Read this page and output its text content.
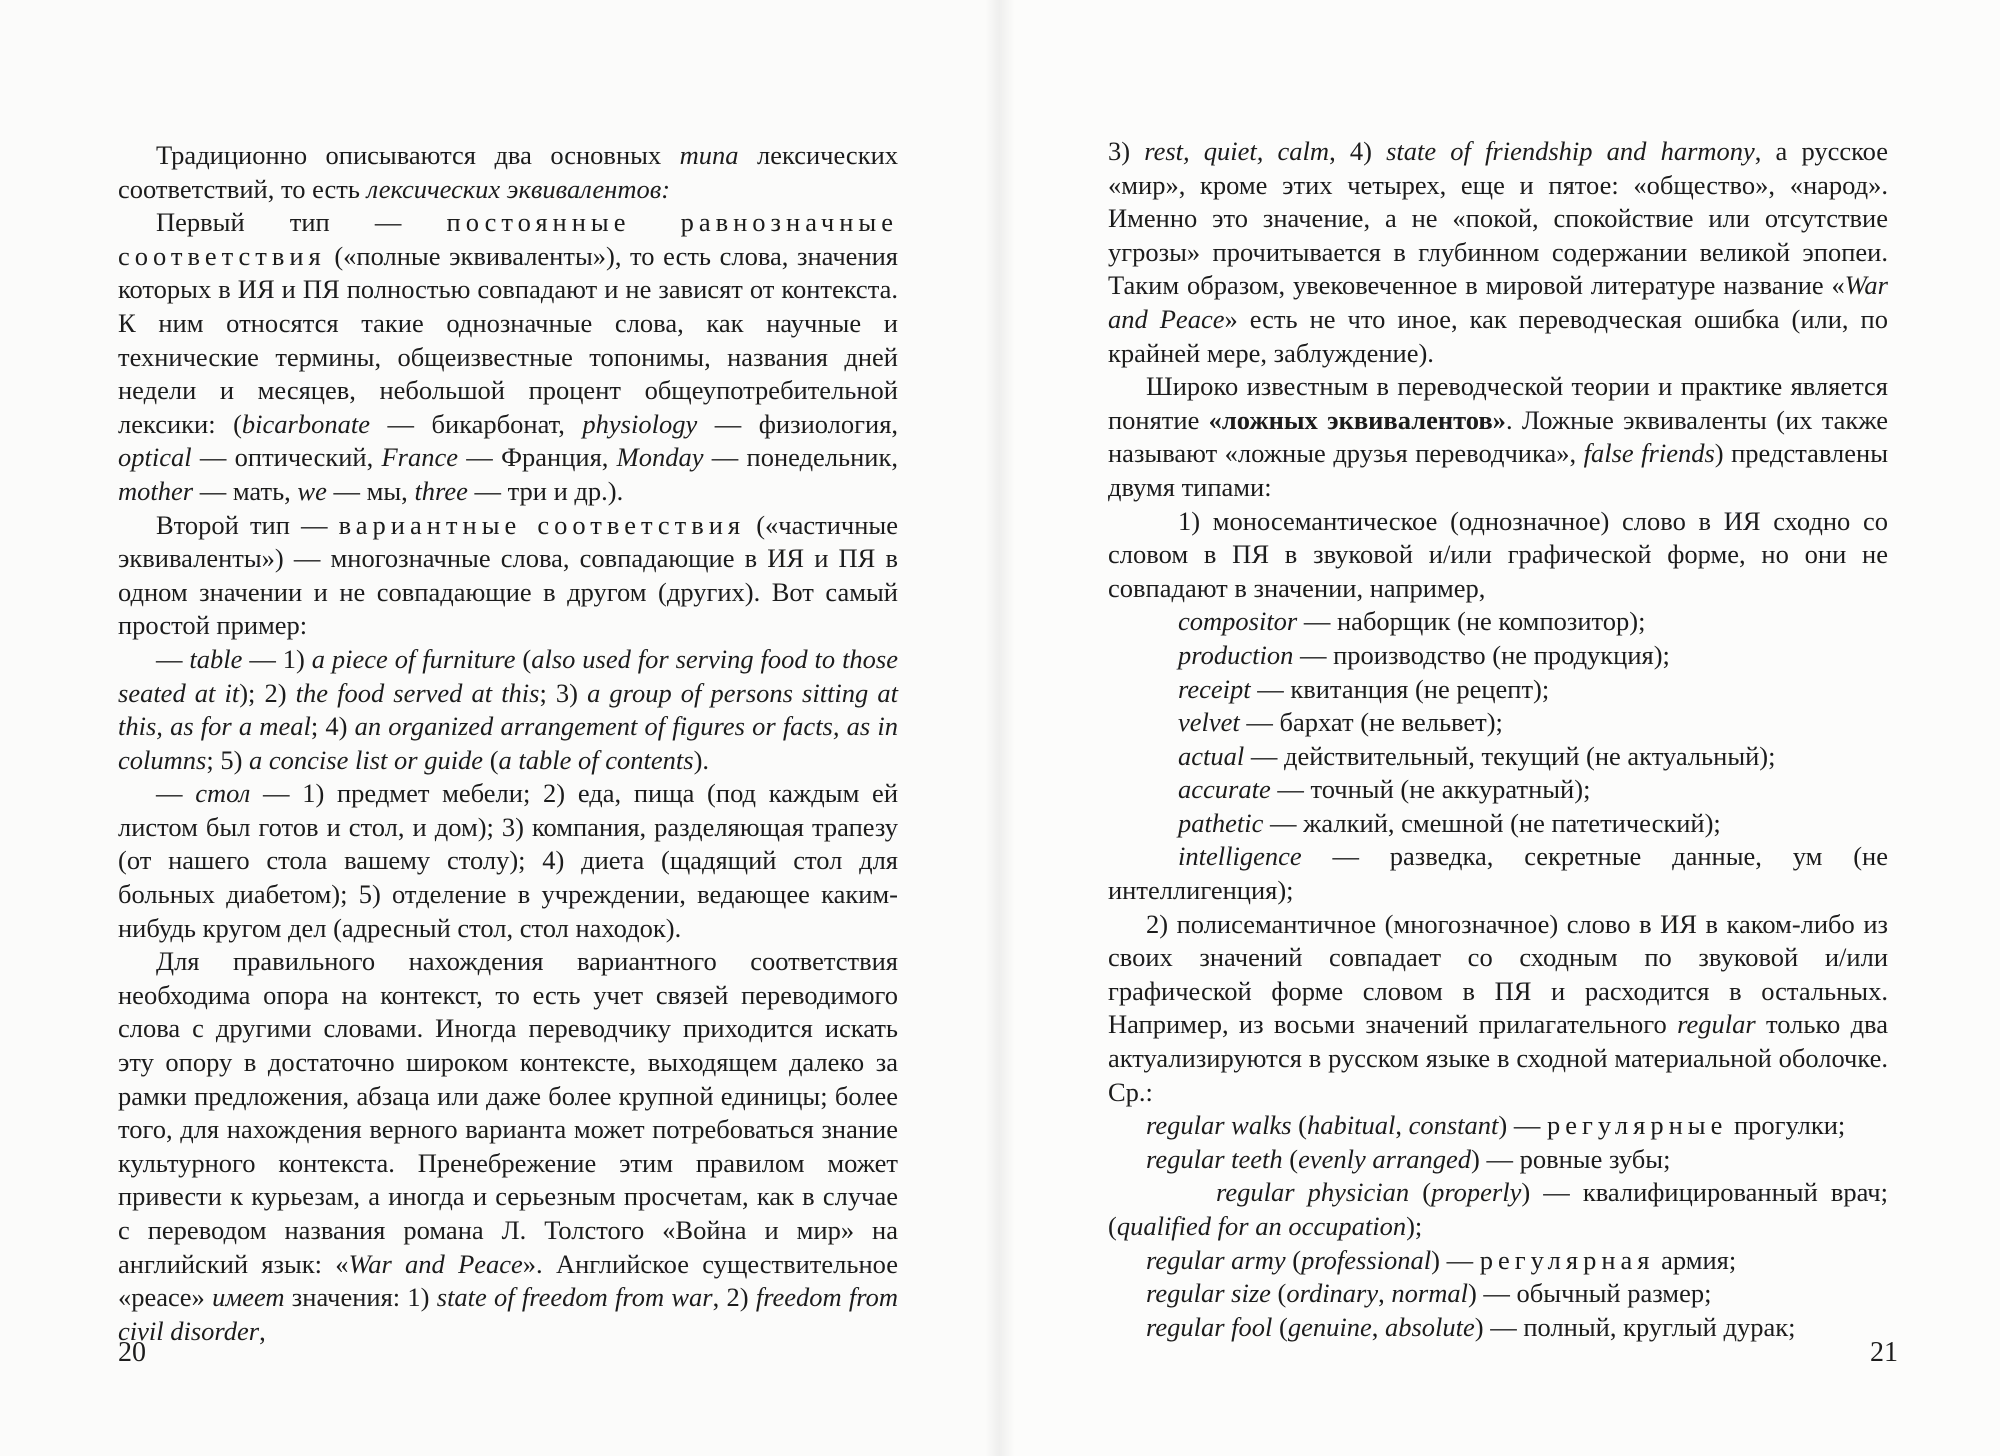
Традиционно описываются два основных типа лексических соответствий, то есть лексических эквивалентов:

Первый тип — постоянные равнозначные соответствия («полные эквиваленты»), то есть слова, значения которых в ИЯ и ПЯ полностью совпадают и не зависят от контекста. К ним относятся такие однозначные слова, как научные и технические термины, общеизвестные топонимы, названия дней недели и месяцев, небольшой процент общеупотребительной лексики: (bicarbonate — бикарбонат, physiology — физиология, optical — оптический, France — Франция, Monday — понедельник, mother — мать, we — мы, three — три и др.).

Второй тип — вариантные соответствия («частичные эквиваленты») — многозначные слова, совпадающие в ИЯ и ПЯ в одном значении и не совпадающие в другом (других). Вот самый простой пример:

— table — 1) a piece of furniture (also used for serving food to those seated at it); 2) the food served at this; 3) a group of persons sitting at this, as for a meal; 4) an organized arrangement of figures or facts, as in columns; 5) a concise list or guide (a table of contents).

— стол — 1) предмет мебели; 2) еда, пища (под каждым ей листом был готов и стол, и дом); 3) компания, разделяющая трапезу (от нашего стола вашему столу); 4) диета (щадящий стол для больных диабетом); 5) отделение в учреждении, ведающее каким-нибудь кругом дел (адресный стол, стол находок).

Для правильного нахождения вариантного соответствия необходима опора на контекст, то есть учет связей переводимого слова с другими словами. Иногда переводчику приходится искать эту опору в достаточно широком контексте, выходящем далеко за рамки предложения, абзаца или даже более крупной единицы; более того, для нахождения верного варианта может потребоваться знание культурного контекста. Пренебрежение этим правилом может привести к курьезам, а иногда и серьезным просчетам, как в случае с переводом названия романа Л. Толстого «Война и мир» на английский язык: «War and Peace». Английское существительное «peace» имеет значения: 1) state of freedom from war, 2) freedom from civil disorder,

20

3) rest, quiet, calm, 4) state of friendship and harmony, а русское «мир», кроме этих четырех, еще и пятое: «общество», «народ». Именно это значение, а не «покой, спокойствие или отсутствие угрозы» прочитывается в глубинном содержании великой эпопеи. Таким образом, увековеченное в мировой литературе название «War and Peace» есть не что иное, как переводческая ошибка (или, по крайней мере, заблуждение).

Широко известным в переводческой теории и практике является понятие «ложных эквивалентов». Ложные эквиваленты (их также называют «ложные друзья переводчика», false friends) представлены двумя типами:

1) моносемантическое (однозначное) слово в ИЯ сходно со словом в ПЯ в звуковой и/или графической форме, но они не совпадают в значении, например,

compositor — наборщик (не композитор);

production — производство (не продукция);

receipt — квитанция (не рецепт);

velvet — бархат (не вельвет);

actual — действительный, текущий (не актуальный);

accurate — точный (не аккуратный);

pathetic — жалкий, смешной (не патетический);

intelligence — разведка, секретные данные, ум (не интеллигенция);

2) полисемантичное (многозначное) слово в ИЯ в каком-либо из своих значений совпадает со сходным по звуковой и/или графической форме словом в ПЯ и расходится в остальных. Например, из восьми значений прилагательного regular только два актуализируются в русском языке в сходной материальной оболочке. Ср.:

regular walks (habitual, constant) — регулярные прогулки;

regular teeth (evenly arranged) — ровные зубы;

regular physician (properly) — квалифицированный врач; (qualified for an occupation);

regular army (professional) — регулярная армия;

regular size (ordinary, normal) — обычный размер;

regular fool (genuine, absolute) — полный, круглый дурак;

21
